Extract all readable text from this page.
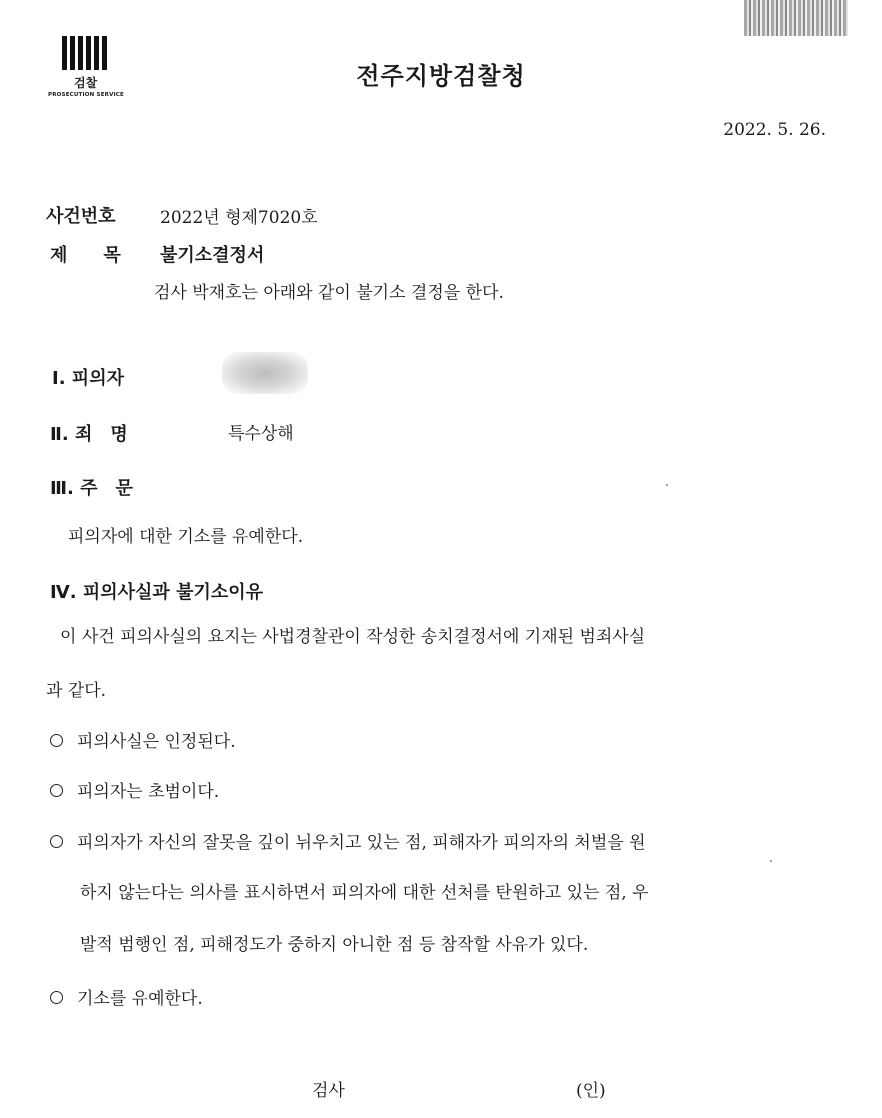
검찰
PROSECUTION SERVICE
전주지방검찰청
2022. 5. 26.
사건번호	2022년 형제7020호
제　　목 불기소결정서
검사 박재호는 아래와 같이 불기소 결정을 한다.
Ⅰ. 피의자
Ⅱ. 죄　명	특수상해
Ⅲ. 주　문
피의자에 대한 기소를 유예한다.
Ⅳ. 피의사실과 불기소이유
이 사건 피의사실의 요지는 사법경찰관이 작성한 송치결정서에 기재된 범죄사실
과 같다.
피의사실은 인정된다.
피의자는 초범이다.
피의자가 자신의 잘못을 깊이 뉘우치고 있는 점, 피해자가 피의자의 처벌을 원
하지 않는다는 의사를 표시하면서 피의자에 대한 선처를 탄원하고 있는 점, 우
발적 범행인 점, 피해정도가 중하지 아니한 점 등 참작할 사유가 있다.
기소를 유예한다.
검사	(인)
